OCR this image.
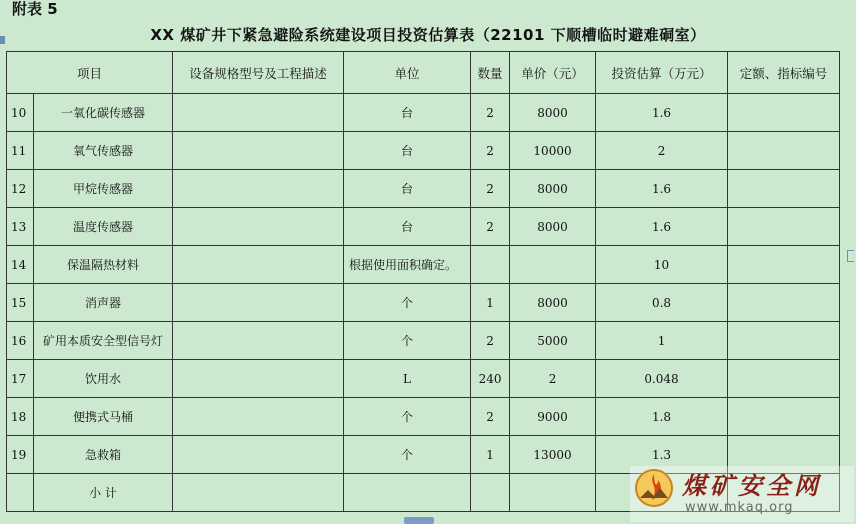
附表 5
XX 煤矿井下紧急避险系统建设项目投资估算表（22101 下顺槽临时避难硐室）
项目		设备规格型号及工程描述	单位	数量	单价（元）	投资估算（万元）	定额、指标编号
10	一氧化碳传感器		台	2	8000	1.6	
11	氧气传感器		台	2	10000	2	
12	甲烷传感器		台	2	8000	1.6	
13	温度传感器		台	2	8000	1.6	
14	保温隔热材料		根据使用面积确定。			10	
15	消声器		个	1	8000	0.8	
16	矿用本质安全型信号灯		个	2	5000	1	
17	饮用水		L	240	2	0.048	
18	便携式马桶		个	2	9000	1.8	
19	急救箱		个	1	13000	1.3	
	小 计							煤矿安全网
www.mkaq.org
